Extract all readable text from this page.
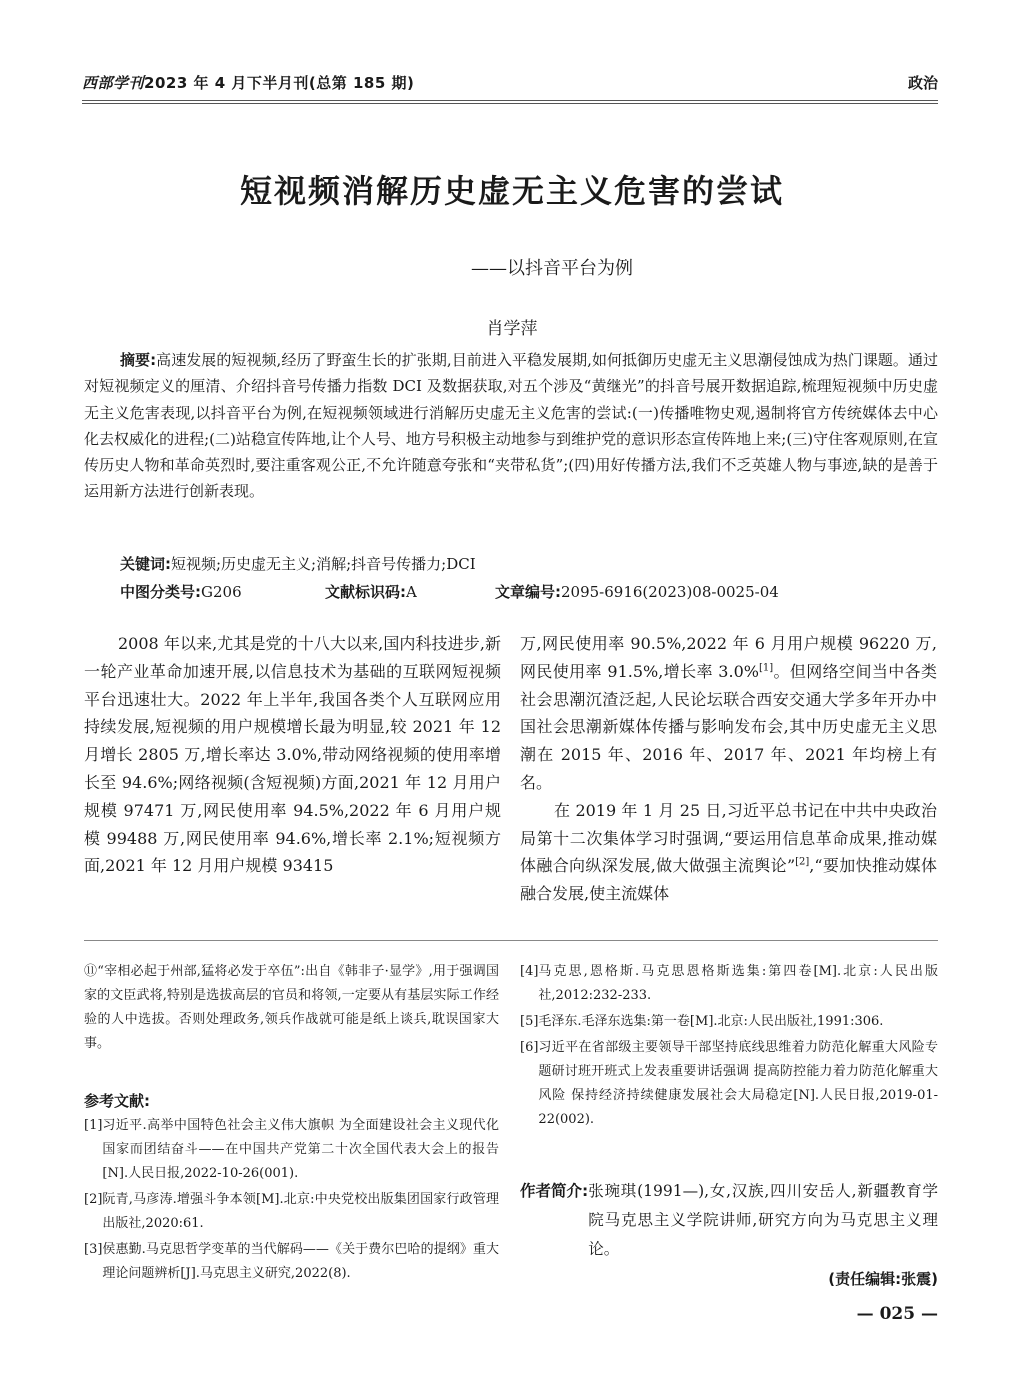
西部学刊2023 年 4 月下半月刊(总第 185 期)	政治
短视频消解历史虚无主义危害的尝试
——以抖音平台为例
肖学萍
摘要:高速发展的短视频,经历了野蛮生长的扩张期,目前进入平稳发展期,如何抵御历史虚无主义思潮侵蚀成为热门课题。通过对短视频定义的厘清、介绍抖音号传播力指数 DCI 及数据获取,对五个涉及“黄继光”的抖音号展开数据追踪,梳理短视频中历史虚无主义危害表现,以抖音平台为例,在短视频领域进行消解历史虚无主义危害的尝试:(一)传播唯物史观,遏制将官方传统媒体去中心化去权威化的进程;(二)站稳宣传阵地,让个人号、地方号积极主动地参与到维护党的意识形态宣传阵地上来;(三)守住客观原则,在宣传历史人物和革命英烈时,要注重客观公正,不允许随意夸张和“夹带私货”;(四)用好传播方法,我们不乏英雄人物与事迹,缺的是善于运用新方法进行创新表现。
关键词:短视频;历史虚无主义;消解;抖音号传播力;DCI
中图分类号:G206	文献标识码:A	文章编号:2095-6916(2023)08-0025-04

2008 年以来,尤其是党的十八大以来,国内科技进步,新一轮产业革命加速开展,以信息技术为基础的互联网短视频平台迅速壮大。2022 年上半年,我国各类个人互联网应用持续发展,短视频的用户规模增长最为明显,较 2021 年 12 月增长 2805 万,增长率达 3.0%,带动网络视频的使用率增长至 94.6%;网络视频(含短视频)方面,2021 年 12 月用户规模 97471 万,网民使用率 94.5%,2022 年 6 月用户规模 99488 万,网民使用率 94.6%,增长率 2.1%;短视频方面,2021 年 12 月用户规模 93415

万,网民使用率 90.5%,2022 年 6 月用户规模 96220 万,网民使用率 91.5%,增长率 3.0%[1]。但网络空间当中各类社会思潮沉渣泛起,人民论坛联合西安交通大学多年开办中国社会思潮新媒体传播与影响发布会,其中历史虚无主义思潮在 2015 年、2016 年、2017 年、2021 年均榜上有名。

在 2019 年 1 月 25 日,习近平总书记在中共中央政治局第十二次集体学习时强调,“要运用信息革命成果,推动媒体融合向纵深发展,做大做强主流舆论”[2],“要加快推动媒体融合发展,使主流媒体

⑪“宰相必起于州部,猛将必发于卒伍”:出自《韩非子·显学》,用于强调国家的文臣武将,特别是选拔高层的官员和将领,一定要从有基层实际工作经验的人中选拔。否则处理政务,领兵作战就可能是纸上谈兵,耽误国家大事。
参考文献:
[1] 习近平.高举中国特色社会主义伟大旗帜 为全面建设社会主义现代化国家而团结奋斗——在中国共产党第二十次全国代表大会上的报告[N].人民日报,2022-10-26(001).
[2] 阮青,马彦涛.增强斗争本领[M].北京:中央党校出版集团国家行政管理出版社,2020:61.
[3] 侯惠勤.马克思哲学变革的当代解码——《关于费尔巴哈的提纲》重大理论问题辨析[J].马克思主义研究,2022(8).
[4] 马克思,恩格斯.马克思恩格斯选集:第四卷[M].北京:人民出版社,2012:232-233.
[5] 毛泽东.毛泽东选集:第一卷[M].北京:人民出版社,1991:306.
[6] 习近平在省部级主要领导干部坚持底线思维着力防范化解重大风险专题研讨班开班式上发表重要讲话强调 提高防控能力着力防范化解重大风险 保持经济持续健康发展社会大局稳定[N].人民日报,2019-01-22(002).
作者简介: 张琬琪(1991—),女,汉族,四川安岳人,新疆教育学院马克思主义学院讲师,研究方向为马克思主义理论。
(责任编辑:张震)
— 025 —
